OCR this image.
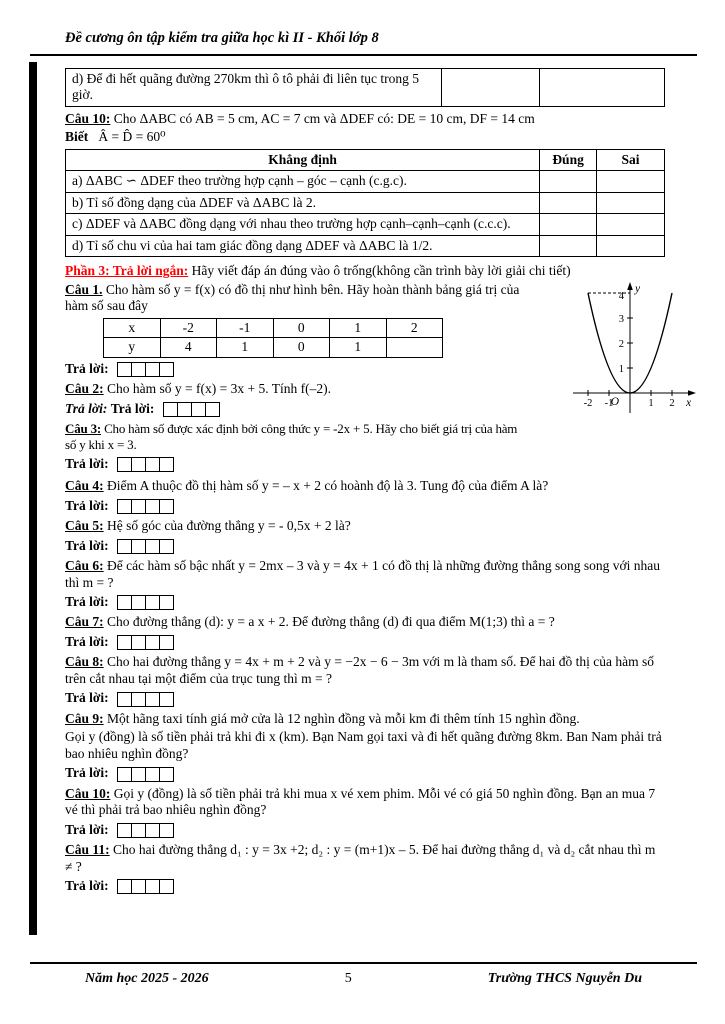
Đề cương ôn tập kiểm tra giữa học kì II - Khối lớp 8
d) Để đi hết quãng đường 270km thì ô tô phải đi liên tục trong 5 giờ.		

Câu 10: Cho ΔABC có AB = 5 cm, AC = 7 cm và ΔDEF có: DE = 10 cm, DF = 14 cm

Biết Â = D̂ = 60⁰

Khẳng định	Đúng	Sai
a) ΔABC ∽ ΔDEF theo trường hợp cạnh – góc – cạnh (c.g.c).		
b) Tỉ số đồng dạng của ΔDEF và ΔABC là 2.		
c) ΔDEF và ΔABC đồng dạng với nhau theo trường hợp cạnh–cạnh–cạnh (c.c.c).		
d) Tỉ số chu vi của hai tam giác đồng dạng ΔDEF và ΔABC là 1/2.		

Phần 3: Trả lời ngắn: Hãy viết đáp án đúng vào ô trống(không cần trình bày lời giải chi tiết)

y
x
O
4
3
2
1
-2 -1	1 2

Câu 1. Cho hàm số y = f(x) có đồ thị như hình bên. Hãy hoàn thành bảng giá trị của hàm số sau đây

x	-2	-1	0	1	2
y	4	1	0	1	

Trả lời:

Câu 2: Cho hàm số y = f(x) = 3x + 5. Tính f(–2).

Trả lời: Trả lời:

Câu 3: Cho hàm số được xác định bởi công thức y = -2x + 5. Hãy cho biết giá trị của hàm số y khi x = 3.

Trả lời:

Câu 4: Điểm A thuộc đồ thị hàm số y = – x + 2 có hoành độ là 3. Tung độ của điểm A là?

Trả lời:

Câu 5: Hệ số góc của đường thẳng y = - 0,5x + 2 là?

Trả lời:

Câu 6: Để các hàm số bậc nhất y = 2mx – 3 và y = 4x + 1 có đồ thị là những đường thẳng song song với nhau thì m = ?

Trả lời:

Câu 7: Cho đường thẳng (d): y = a x + 2. Để đường thẳng (d) đi qua điểm M(1;3) thì a = ?

Trả lời:

Câu 8: Cho hai đường thẳng y = 4x + m + 2 và y = −2x − 6 − 3m với m là tham số. Để hai đồ thị của hàm số trên cắt nhau tại một điểm của trục tung thì m = ?

Trả lời:

Câu 9: Một hãng taxi tính giá mở cửa là 12 nghìn đồng và mỗi km đi thêm tính 15 nghìn đồng.

Gọi y (đồng) là số tiền phải trả khi đi x (km). Bạn Nam gọi taxi và đi hết quãng đường 8km. Ban Nam phải trả bao nhiêu nghìn đồng?

Trả lời:

Câu 10: Gọi y (đồng) là số tiền phải trả khi mua x vé xem phim. Mỗi vé có giá 50 nghìn đồng. Bạn an mua 7 vé thì phải trả bao nhiêu nghìn đồng?

Trả lời:

Câu 11: Cho hai đường thẳng d₁ : y = 3x +2; d₂ : y = (m+1)x – 5. Để hai đường thẳng d₁ và d₂ cắt nhau thì m ≠ ?

Trả lời:

Năm học 2025 - 2026	5	Trường THCS Nguyễn Du
